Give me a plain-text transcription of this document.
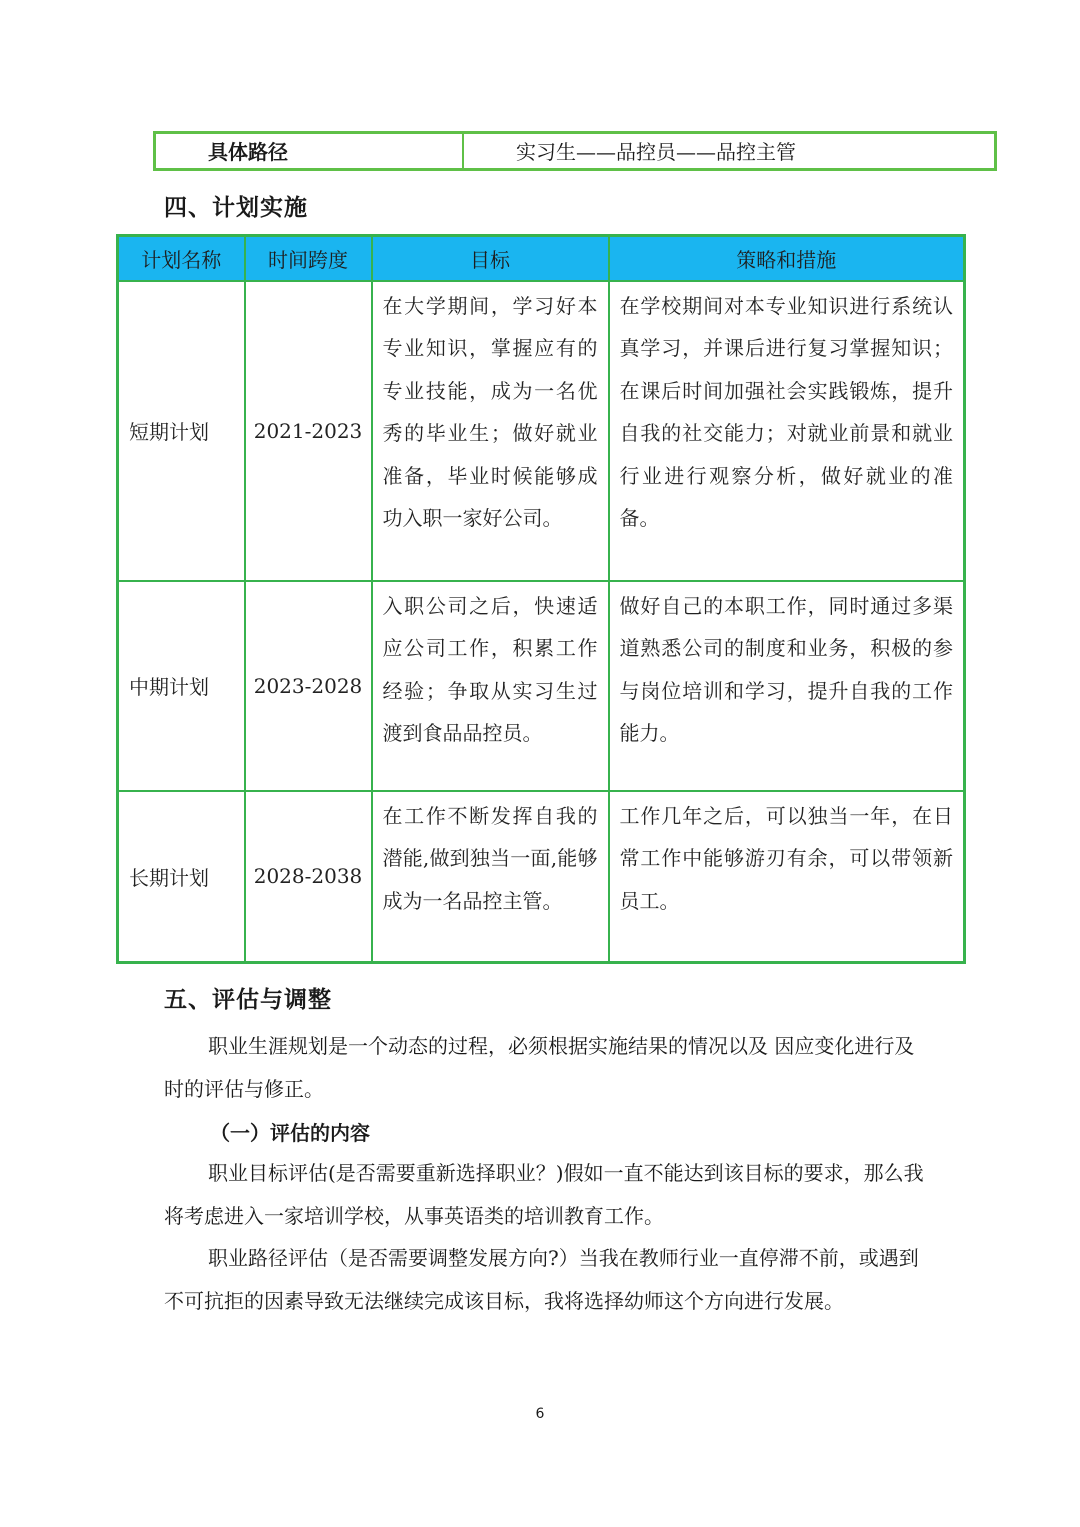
具体路径	实习生——品控员——品控主管
四、计划实施
计划名称	时间跨度	目标	策略和措施
短期计划	2021-2023	在大学期间，学习好本专业知识，掌握应有的专业技能，成为一名优秀的毕业生；做好就业准备，毕业时候能够成功入职一家好公司。	在学校期间对本专业知识进行系统认真学习，并课后进行复习掌握知识；在课后时间加强社会实践锻炼，提升自我的社交能力；对就业前景和就业行业进行观察分析，做好就业的准备。
中期计划	2023-2028	入职公司之后，快速适应公司工作，积累工作经验；争取从实习生过渡到食品品控员。	做好自己的本职工作，同时通过多渠道熟悉公司的制度和业务，积极的参与岗位培训和学习，提升自我的工作能力。
长期计划	2028-2038	在工作不断发挥自我的潜能,做到独当一面,能够成为一名品控主管。	工作几年之后，可以独当一年，在日常工作中能够游刃有余，可以带领新员工。
五、评估与调整
职业生涯规划是一个动态的过程，必须根据实施结果的情况以及 因应变化进行及时的评估与修正。
（一）评估的内容
职业目标评估(是否需要重新选择职业？)假如一直不能达到该目标的要求，那么我将考虑进入一家培训学校，从事英语类的培训教育工作。
职业路径评估（是否需要调整发展方向?）当我在教师行业一直停滞不前，或遇到不可抗拒的因素导致无法继续完成该目标，我将选择幼师这个方向进行发展。
6
